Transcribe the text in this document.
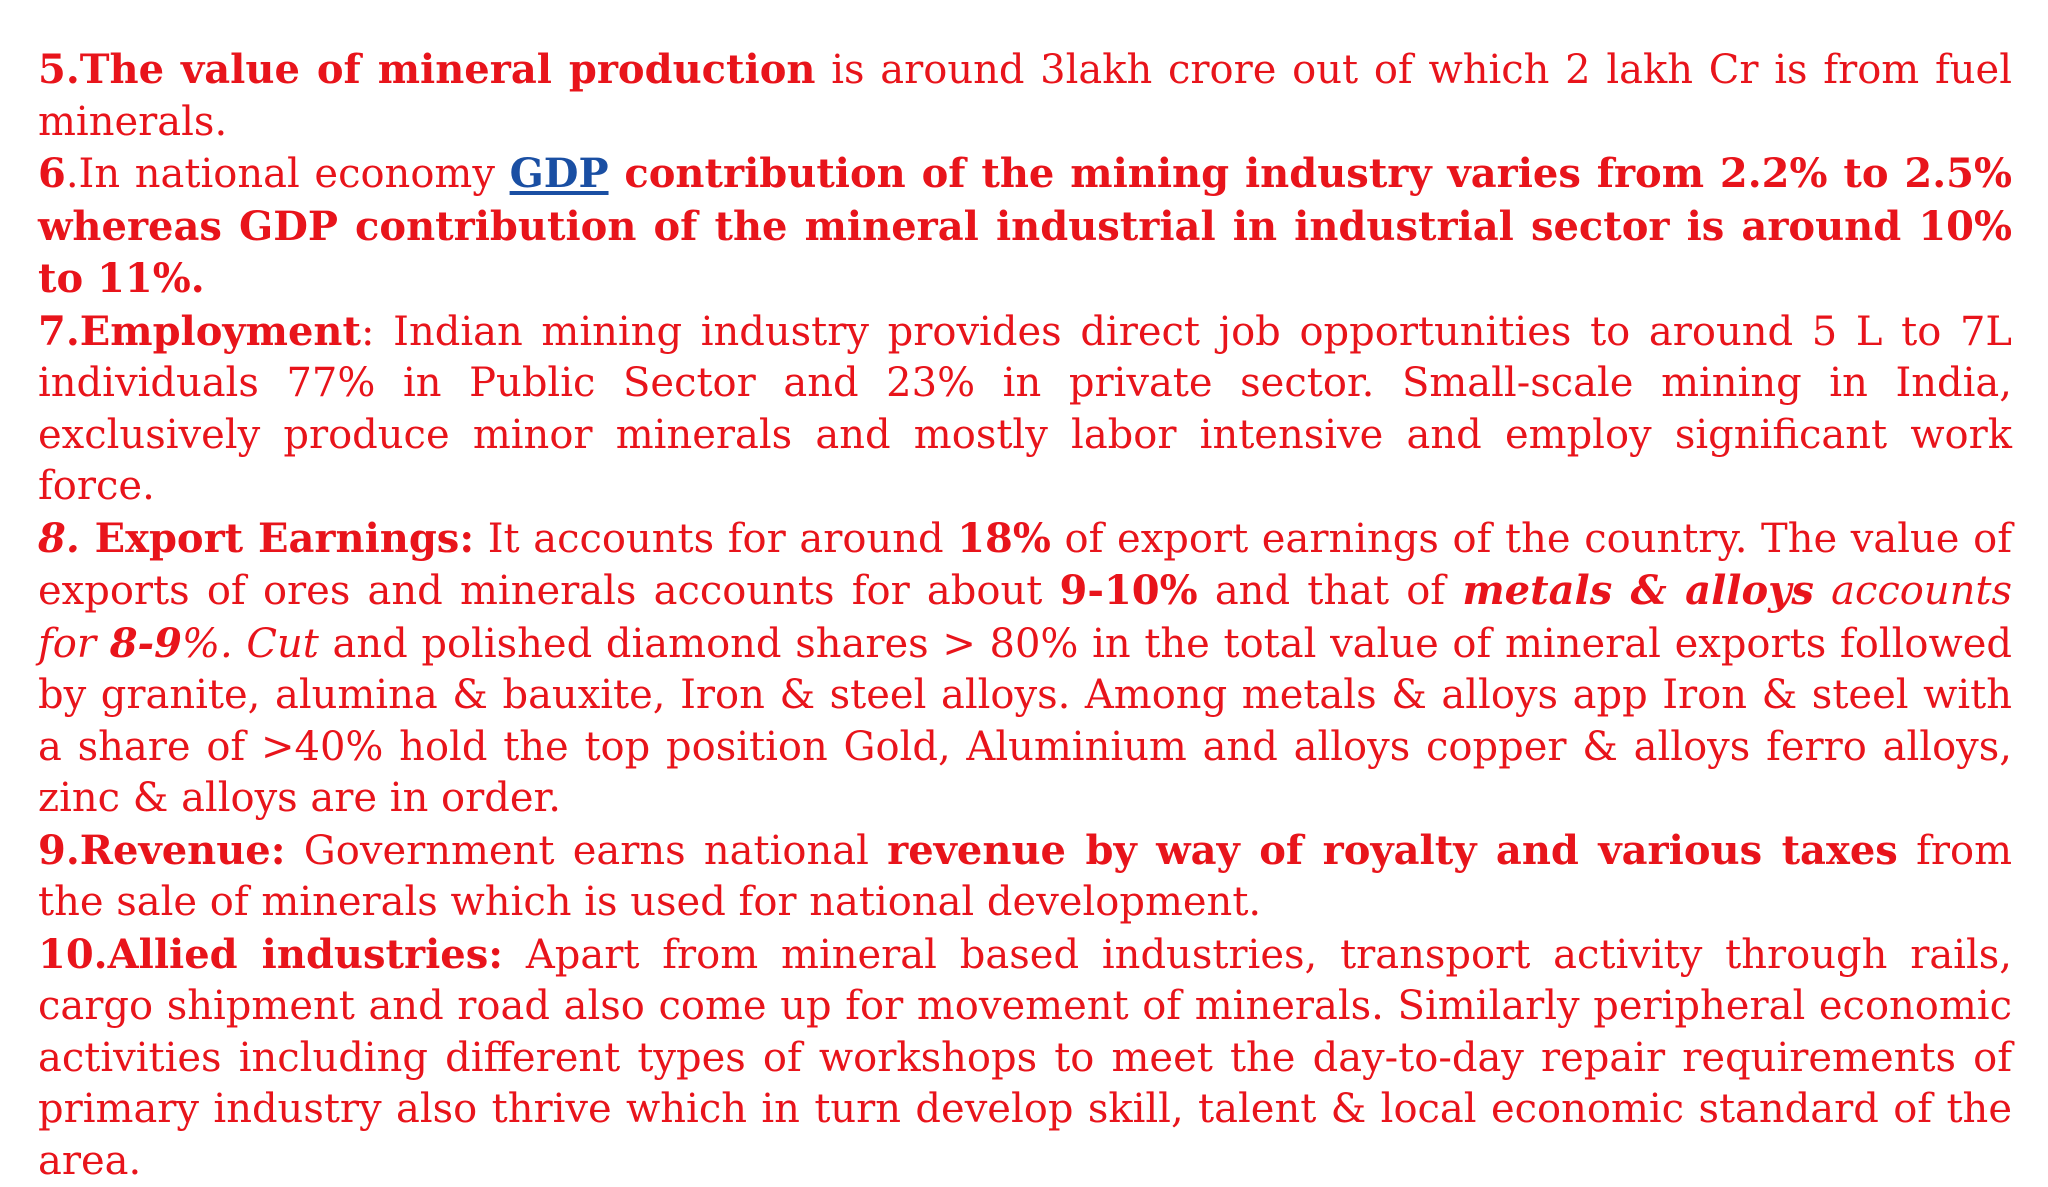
5.The value of mineral production is around 3lakh crore out of which 2 lakh Cr is from fuel minerals.

6.In national economy GDP contribution of the mining industry varies from 2.2% to 2.5% whereas GDP contribution of the mineral industrial in industrial sector is around 10% to 11%.

7.Employment: Indian mining industry provides direct job opportunities to around 5 L to 7L individuals 77% in Public Sector and 23% in private sector. Small-scale mining in India, exclusively produce minor minerals and mostly labor intensive and employ significant work force.

8. Export Earnings: It accounts for around 18% of export earnings of the country. The value of exports of ores and minerals accounts for about 9-10% and that of metals & alloys accounts for 8-9%. Cut and polished diamond shares > 80% in the total value of mineral exports followed by granite, alumina & bauxite, Iron & steel alloys. Among metals & alloys app Iron & steel with a share of >40% hold the top position Gold, Aluminium and alloys copper & alloys ferro alloys, zinc & alloys are in order.

9.Revenue: Government earns national revenue by way of royalty and various taxes from the sale of minerals which is used for national development.

10.Allied industries: Apart from mineral based industries, transport activity through rails, cargo shipment and road also come up for movement of minerals. Similarly peripheral economic activities including different types of workshops to meet the day-to-day repair requirements of primary industry also thrive which in turn develop skill, talent & local economic standard of the area.
